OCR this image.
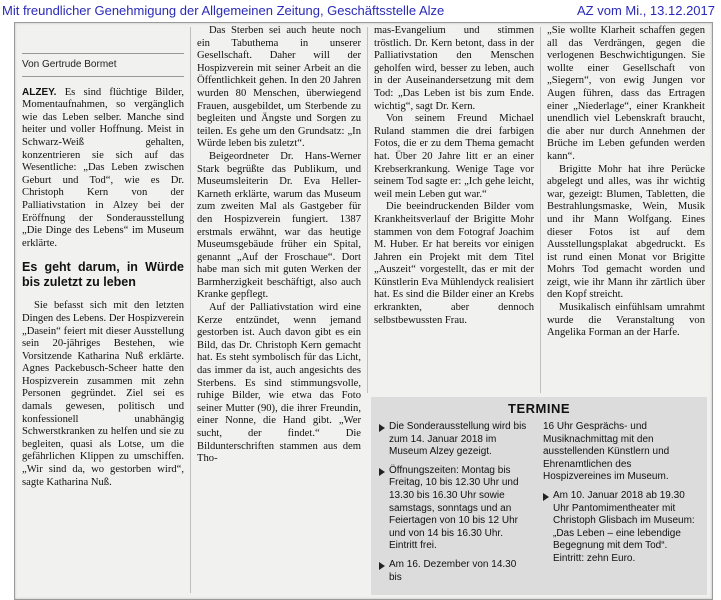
Mit freundlicher Genehmigung der Allgemeinen Zeitung, Geschäftsstelle Alze	AZ vom Mi., 13.12.2017
Von Gertrude Bormet

ALZEY. Es sind flüchtige Bilder, Momentaufnahmen, so vergänglich wie das Leben selber. Manche sind heiter und voller Hoffnung. Meist in Schwarz-Weiß gehalten, konzentrieren sie sich auf das Wesentliche: „Das Leben zwischen Geburt und Tod“, wie es Dr. Christoph Kern von der Palliativstation in Alzey bei der Eröffnung der Sonderausstellung „Die Dinge des Lebens“ im Museum erklärte.

Es geht darum, in Würde bis zuletzt zu leben

Sie befasst sich mit den letzten Dingen des Lebens. Der Hospizverein „Dasein“ feiert mit dieser Ausstellung sein 20-jähriges Bestehen, wie Vorsitzende Katharina Nuß erklärte. Agnes Packebusch-Scheer hatte den Hospizverein zusammen mit zehn Personen gegründet. Ziel sei es damals gewesen, politisch und konfessionell unabhängig Schwerstkranken zu helfen und sie zu begleiten, quasi als Lotse, um die gefährlichen Klippen zu umschiffen. „Wir sind da, wo gestorben wird“, sagte Katharina Nuß.

Das Sterben sei auch heute noch ein Tabuthema in unserer Gesellschaft. Daher will der Hospizverein mit seiner Arbeit an die Öffentlichkeit gehen. In den 20 Jahren wurden 80 Menschen, überwiegend Frauen, ausgebildet, um Sterbende zu begleiten und Ängste und Sorgen zu teilen. Es gehe um den Grundsatz: „In Würde leben bis zuletzt“.

Beigeordneter Dr. Hans-Werner Stark begrüßte das Publikum, und Museumsleiterin Dr. Eva Heller-Karneth erklärte, warum das Museum zum zweiten Mal als Gastgeber für den Hospizverein fungiert. 1387 erstmals erwähnt, war das heutige Museumsgebäude früher ein Spital, genannt „Auf der Froschaue“. Dort habe man sich mit guten Werken der Barmherzigkeit beschäftigt, also auch Kranke gepflegt.

Auf der Palliativstation wird eine Kerze entzündet, wenn jemand gestorben ist. Auch davon gibt es ein Bild, das Dr. Christoph Kern gemacht hat. Es steht symbolisch für das Licht, das immer da ist, auch angesichts des Sterbens. Es sind stimmungsvolle, ruhige Bilder, wie etwa das Foto seiner Mutter (90), die ihrer Freundin, einer Nonne, die Hand gibt. „Wer sucht, der findet.“ Die Bildunterschriften stammen aus dem Tho-

mas-Evangelium und stimmen tröstlich. Dr. Kern betont, dass in der Palliativstation den Menschen geholfen wird, besser zu leben, auch in der Auseinandersetzung mit dem Tod: „Das Leben ist bis zum Ende. wichtig“, sagt Dr. Kern.

Von seinem Freund Michael Ruland stammen die drei farbigen Fotos, die er zu dem Thema gemacht hat. Über 20 Jahre litt er an einer Krebserkrankung. Wenige Tage vor seinem Tod sagte er: „Ich gehe leicht, weil mein Leben gut war.“

Die beeindruckenden Bilder vom Krankheitsverlauf der Brigitte Mohr stammen von dem Fotograf Joachim M. Huber. Er hat bereits vor einigen Jahren ein Projekt mit dem Titel „Auszeit“ vorgestellt, das er mit der Künstlerin Eva Mühlendyck realisiert hat. Es sind die Bilder einer an Krebs erkrankten, aber dennoch selbstbewussten Frau.

„Sie wollte Klarheit schaffen gegen all das Verdrängen, gegen die verlogenen Beschwichtigungen. Sie wollte einer Gesellschaft von „Siegern“, von ewig Jungen vor Augen führen, dass das Ertragen einer „Niederlage“, einer Krankheit unendlich viel Lebenskraft braucht, die aber nur durch Annehmen der Brüche im Leben gefunden werden kann“.

Brigitte Mohr hat ihre Perücke abgelegt und alles, was ihr wichtig war, gezeigt: Blumen, Tabletten, die Bestrahlungsmaske, Wein, Musik und ihr Mann Wolfgang. Eines dieser Fotos ist auf dem Ausstellungsplakat abgedruckt. Es ist rund einen Monat vor Brigitte Mohrs Tod gemacht worden und zeigt, wie ihr Mann ihr zärtlich über den Kopf streicht.

Musikalisch einfühlsam umrahmt wurde die Veranstaltung von Angelika Forman an der Harfe.

TERMINE
Die Sonderausstellung wird bis zum 14. Januar 2018 im Museum Alzey gezeigt.
Öffnungszeiten: Montag bis Freitag, 10 bis 12.30 Uhr und 13.30 bis 16.30 Uhr sowie samstags, sonntags und an Feiertagen von 10 bis 12 Uhr und von 14 bis 16.30 Uhr. Eintritt frei.
Am 16. Dezember von 14.30 bis
16 Uhr Gesprächs- und Musiknachmittag mit den ausstellenden Künstlern und Ehrenamtlichen des Hospizvereines im Museum.
Am 10. Januar 2018 ab 19.30 Uhr Pantomimentheater mit Christoph Glisbach im Museum: „Das Leben – eine lebendige Begegnung mit dem Tod“. Eintritt: zehn Euro.
